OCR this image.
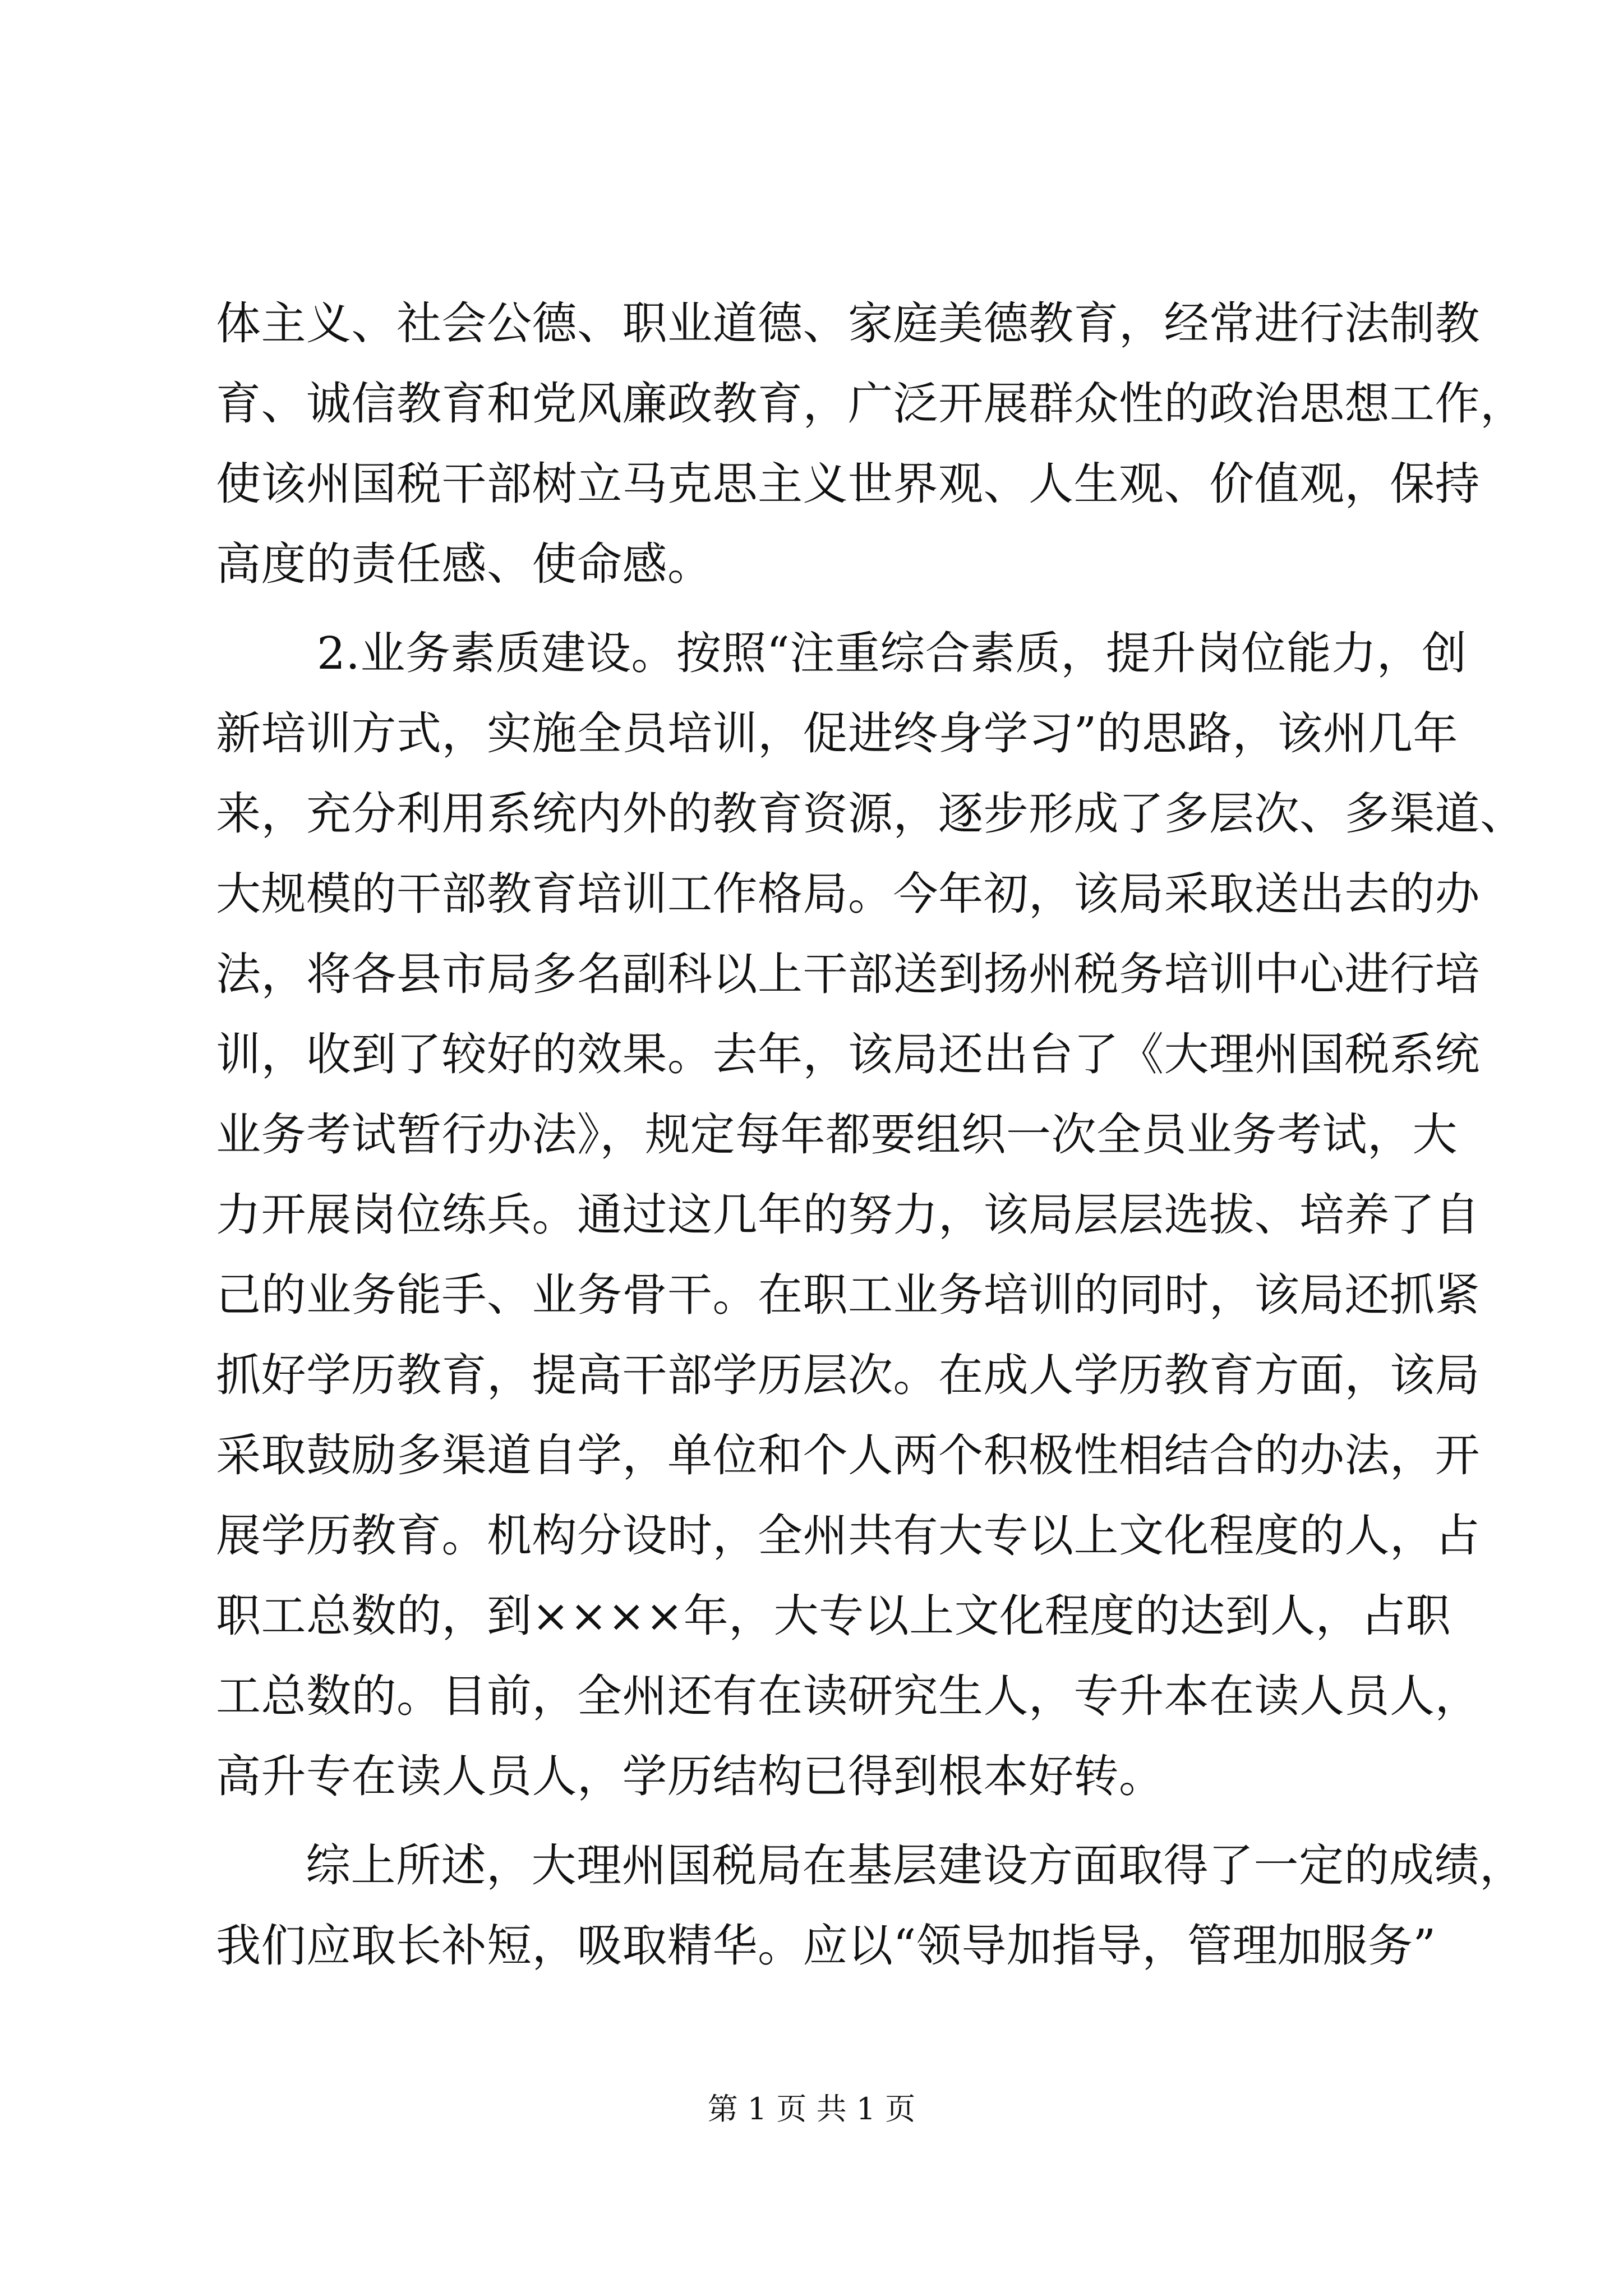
体主义、社会公德、职业道德、家庭美德教育，经常进行法制教
育、诚信教育和党风廉政教育，广泛开展群众性的政治思想工作，
使该州国税干部树立马克思主义世界观、人生观、价值观，保持
高度的责任感、使命感。
2.业务素质建设。按照“注重综合素质，提升岗位能力，创
新培训方式，实施全员培训，促进终身学习”的思路，该州几年
来，充分利用系统内外的教育资源，逐步形成了多层次、多渠道、
大规模的干部教育培训工作格局。今年初，该局采取送出去的办
法，将各县市局多名副科以上干部送到扬州税务培训中心进行培
训，收到了较好的效果。去年，该局还出台了《大理州国税系统
业务考试暂行办法》，规定每年都要组织一次全员业务考试，大
力开展岗位练兵。通过这几年的努力，该局层层选拔、培养了自
己的业务能手、业务骨干。在职工业务培训的同时，该局还抓紧
抓好学历教育，提高干部学历层次。在成人学历教育方面，该局
采取鼓励多渠道自学，单位和个人两个积极性相结合的办法，开
展学历教育。机构分设时，全州共有大专以上文化程度的人，占
职工总数的，到××××年，大专以上文化程度的达到人，占职
工总数的。目前，全州还有在读研究生人，专升本在读人员人，
高升专在读人员人，学历结构已得到根本好转。
综上所述，大理州国税局在基层建设方面取得了一定的成绩，
我们应取长补短，吸取精华。应以“领导加指导，管理加服务”
第 1 页 共 1 页
